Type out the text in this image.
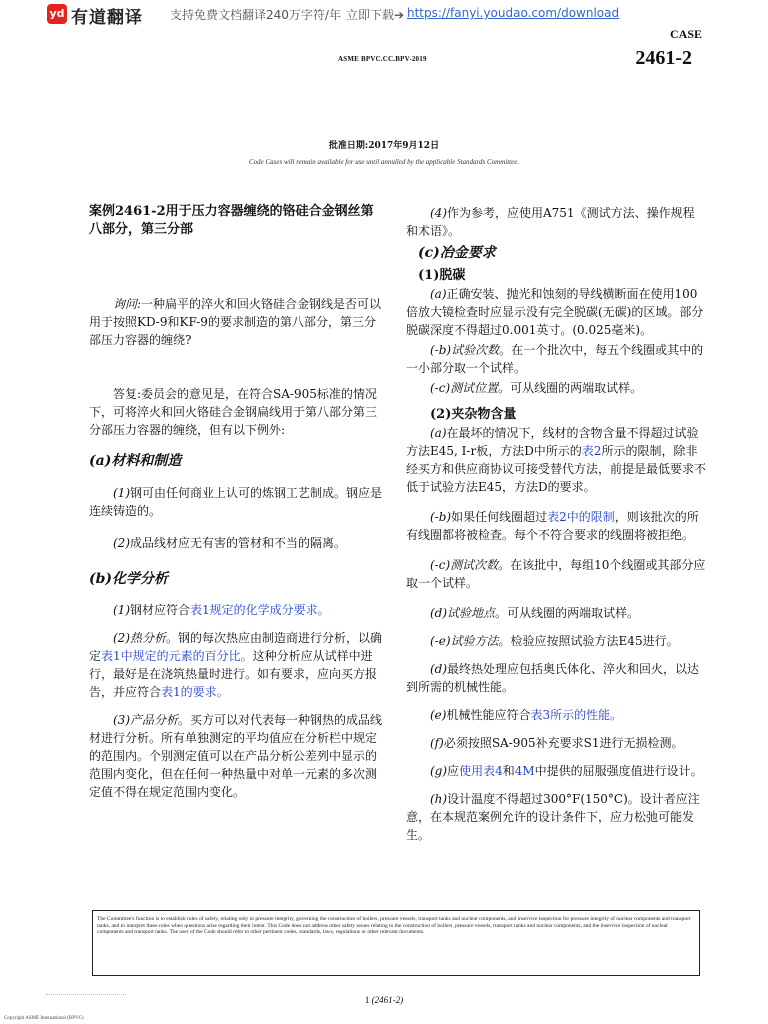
yd 有道翻译 支持免费文档翻译240万字符/年 立即下载➔ https://fanyi.youdao.com/download
CASE
2461-2
ASME BPVC.CC.BPV-2019
批准日期:2017年9月12日
Code Cases will remain available for use until annulled by the applicable Standards Committee.

案例2461-2用于压力容器缠绕的铬硅合金钢丝第八部分，第三分部

询问:一种扁平的淬火和回火铬硅合金钢线是否可以用于按照KD-9和KF-9的要求制造的第八部分，第三分部压力容器的缠绕?

答复:委员会的意见是，在符合SA-905标准的情况下，可将淬火和回火铬硅合金钢扁线用于第八部分第三分部压力容器的缠绕，但有以下例外:

(a)材料和制造

(1)钢可由任何商业上认可的炼钢工艺制成。钢应是连续铸造的。

(2)成品线材应无有害的管材和不当的隔离。

(b)化学分析

(1)钢材应符合表1规定的化学成分要求。

(2)热分析。钢的每次热应由制造商进行分析，以确定表1中规定的元素的百分比。这种分析应从试样中进行，最好是在浇筑热量时进行。如有要求，应向买方报告，并应符合表1的要求。

(3)产品分析。买方可以对代表每一种钢热的成品线材进行分析。所有单独测定的平均值应在分析栏中规定的范围内。个别测定值可以在产品分析公差列中显示的范围内变化，但在任何一种热量中对单一元素的多次测定值不得在规定范围内变化。

(4)作为参考，应使用A751《测试方法、操作规程和术语》。

(c)冶金要求

(1)脱碳

(a)正确安装、抛光和蚀刻的导线横断面在使用100倍放大镜检查时应显示没有完全脱碳(无碳)的区域。部分脱碳深度不得超过0.001英寸。(0.025毫米)。

(-b)试验次数。在一个批次中，每五个线圈或其中的一小部分取一个试样。

(-c)测试位置。可从线圈的两端取试样。

(2)夹杂物含量

(a)在最坏的情况下，线材的含物含量不得超过试验方法E45, I-r板，方法D中所示的表2所示的限制，除非经买方和供应商协议可接受替代方法，前提是最低要求不低于试验方法E45，方法D的要求。

(-b)如果任何线圈超过表2中的限制，则该批次的所有线圈都将被检查。每个不符合要求的线圈将被拒绝。

(-c)测试次数。在该批中，每组10个线圈或其部分应取一个试样。

(d)试验地点。可从线圈的两端取试样。

(-e)试验方法。检验应按照试验方法E45进行。

(d)最终热处理应包括奥氏体化、淬火和回火，以达到所需的机械性能。

(e)机械性能应符合表3所示的性能。

(f)必须按照SA-905补充要求S1进行无损检测。

(g)应使用表4和4M中提供的屈服强度值进行设计。

(h)设计温度不得超过300°F(150°C)。设计者应注意，在本规范案例允许的设计条件下，应力松弛可能发生。

The Committee's function is to establish rules of safety, relating only to pressure integrity, governing the construction of boilers, pressure vessels, transport tanks and nuclear components, and inservice inspection for pressure integrity of nuclear components and transport tanks, and to interpret these rules when questions arise regarding their intent. This Code does not address other safety issues relating to the construction of boilers, pressure vessels, transport tanks and nuclear components, and the inservice inspection of nuclear components and transport tanks. The user of the Code should refer to other pertinent codes, standards, laws, regulations or other relevant documents.
1 (2461-2)
Copyright ASME International (BPVC)
